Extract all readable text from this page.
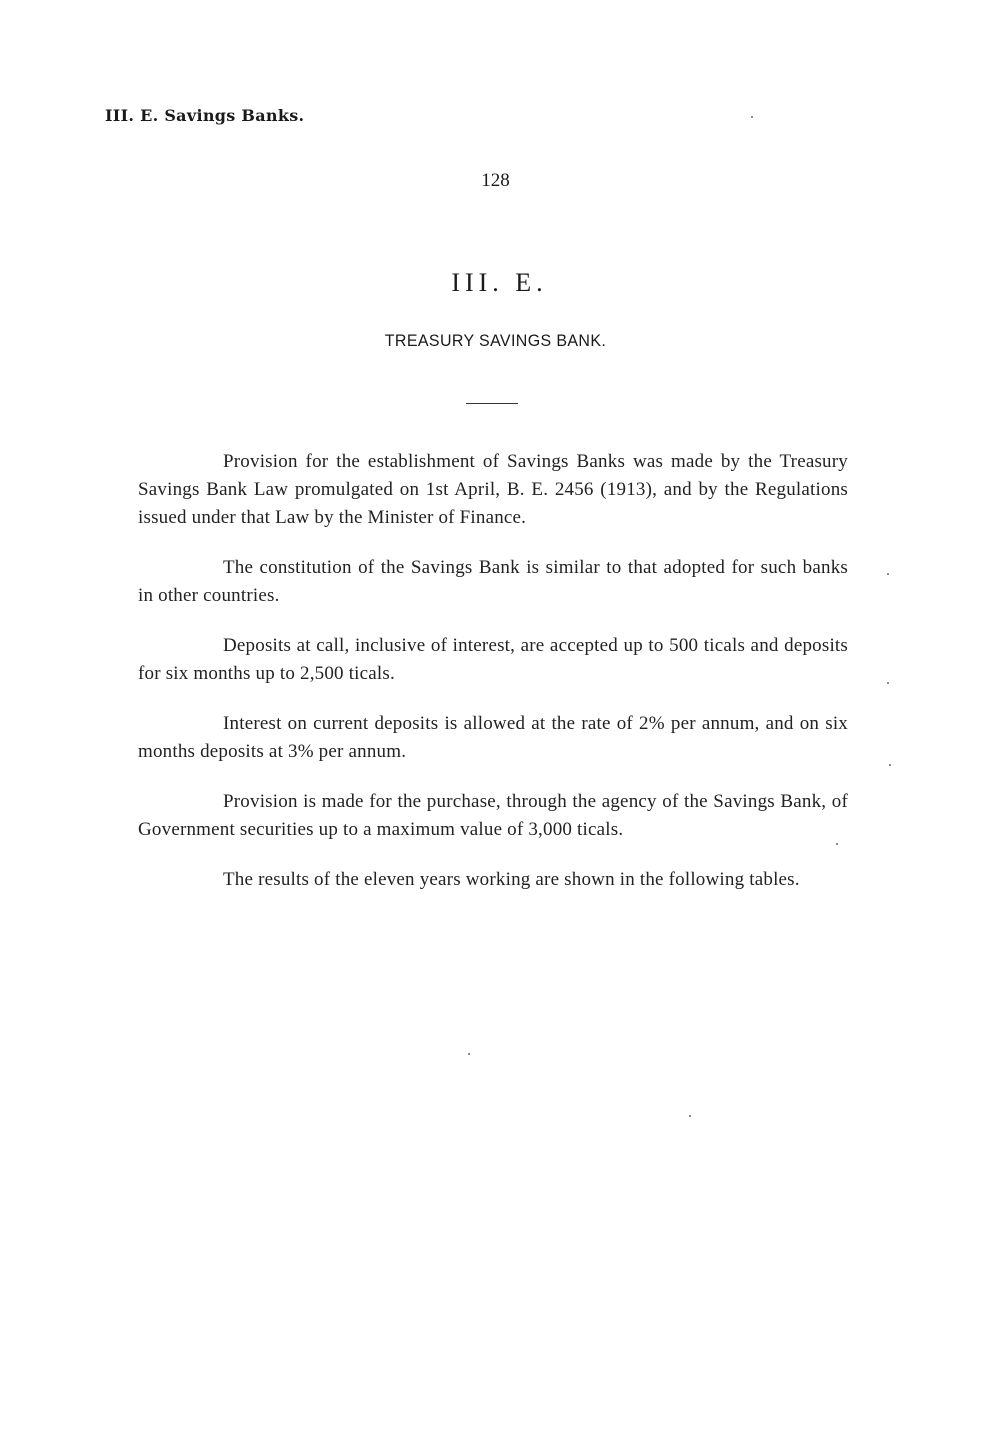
III. E. Savings Banks.
128
III. E.
TREASURY SAVINGS BANK.

Provision for the establishment of Savings Banks was made by the Treasury Savings Bank Law promulgated on 1st April, B. E. 2456 (1913), and by the Regulations issued under that Law by the Minister of Finance.

The constitution of the Savings Bank is similar to that adopted for such banks in other countries.

Deposits at call, inclusive of interest, are accepted up to 500 ticals and deposits for six months up to 2,500 ticals.

Interest on current deposits is allowed at the rate of 2% per annum, and on six months deposits at 3% per annum.

Provision is made for the purchase, through the agency of the Savings Bank, of Government securities up to a maximum value of 3,000 ticals.

The results of the eleven years working are shown in the following tables.
